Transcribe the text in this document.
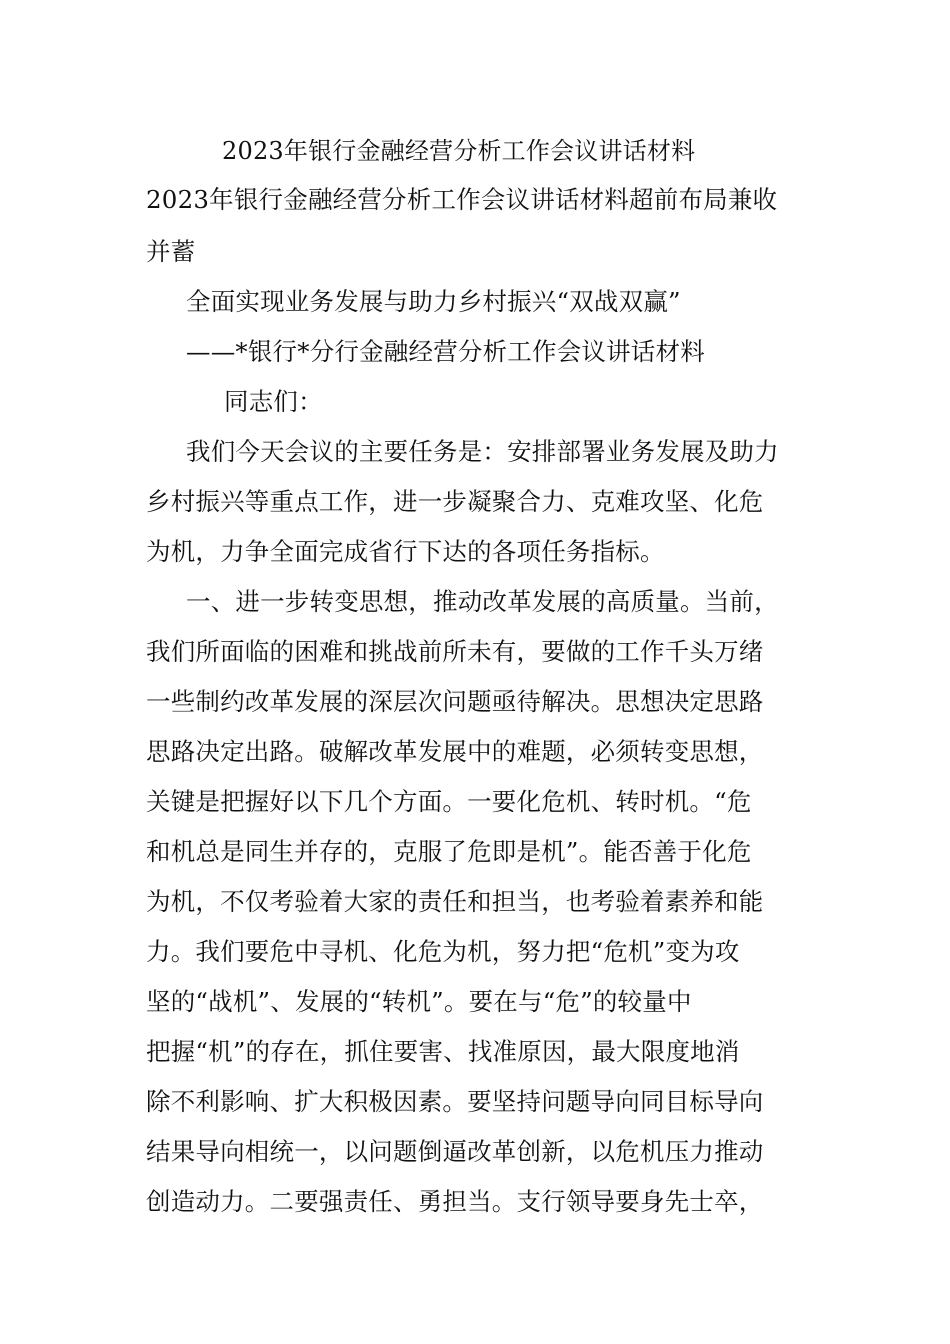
2023年银行金融经营分析工作会议讲话材料
2023年银行金融经营分析工作会议讲话材料超前布局兼收
并蓄
全面实现业务发展与助力乡村振兴“双战双赢”
——*银行*分行金融经营分析工作会议讲话材料
同志们：
我们今天会议的主要任务是：安排部署业务发展及助力
乡村振兴等重点工作，进一步凝聚合力、克难攻坚、化危
为机，力争全面完成省行下达的各项任务指标。
一、进一步转变思想，推动改革发展的高质量。当前，
我们所面临的困难和挑战前所未有，要做的工作千头万绪
一些制约改革发展的深层次问题亟待解决。思想决定思路
思路决定出路。破解改革发展中的难题，必须转变思想，
关键是把握好以下几个方面。一要化危机、转时机。“危
和机总是同生并存的，克服了危即是机”。能否善于化危
为机，不仅考验着大家的责任和担当，也考验着素养和能
力。我们要危中寻机、化危为机，努力把“危机”变为攻
坚的“战机”、发展的“转机”。要在与“危”的较量中
把握“机”的存在，抓住要害、找准原因，最大限度地消
除不利影响、扩大积极因素。要坚持问题导向同目标导向
结果导向相统一，以问题倒逼改革创新，以危机压力推动
创造动力。二要强责任、勇担当。支行领导要身先士卒，
